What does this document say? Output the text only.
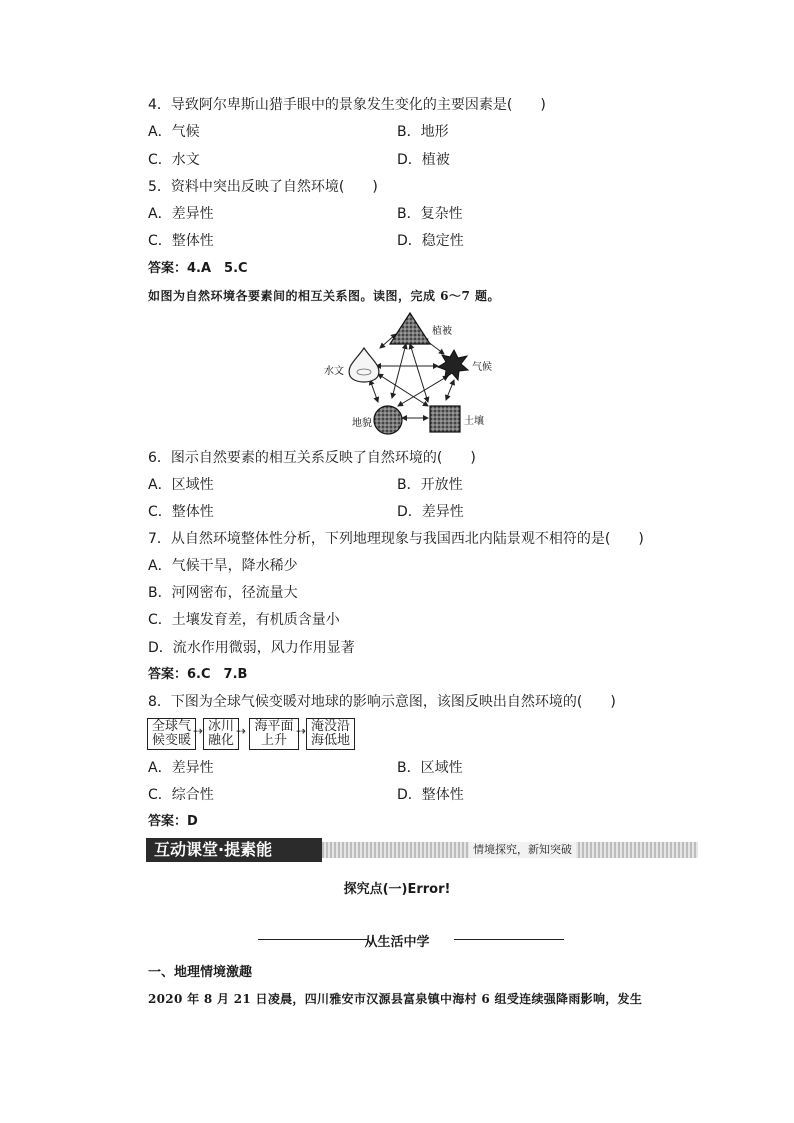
4．导致阿尔卑斯山猎手眼中的景象发生变化的主要因素是(　　)
A．气候	B．地形
C．水文	D．植被
5．资料中突出反映了自然环境(　　)
A．差异性	B．复杂性
C．整体性	D．稳定性
答案：4.A　5.C
如图为自然环境各要素间的相互关系图。读图，完成 6～7 题。
植被
气候
水文
地貌	土壤
6．图示自然要素的相互关系反映了自然环境的(　　)
A．区域性	B．开放性
C．整体性	D．差异性
7．从自然环境整体性分析，下列地理现象与我国西北内陆景观不相符的是(　　)
A．气候干旱，降水稀少
B．河网密布，径流量大
C．土壤发育差，有机质含量小
D．流水作用微弱，风力作用显著
答案：6.C　7.B
8．下图为全球气候变暖对地球的影响示意图，该图反映出自然环境的(　　)
全球气
候变暖
⇢ 冰川
融化
⇢ 海平面
上升
⇢ 淹没沿
海低地
A．差异性	B．区域性
C．综合性	D．整体性
答案：D
互动课堂·提素能	情境探究，新知突破
探究点(一)Error!
从生活中学
一、地理情境激趣
2020 年 8 月 21 日凌晨，四川雅安市汉源县富泉镇中海村 6 组受连续强降雨影响，发生
